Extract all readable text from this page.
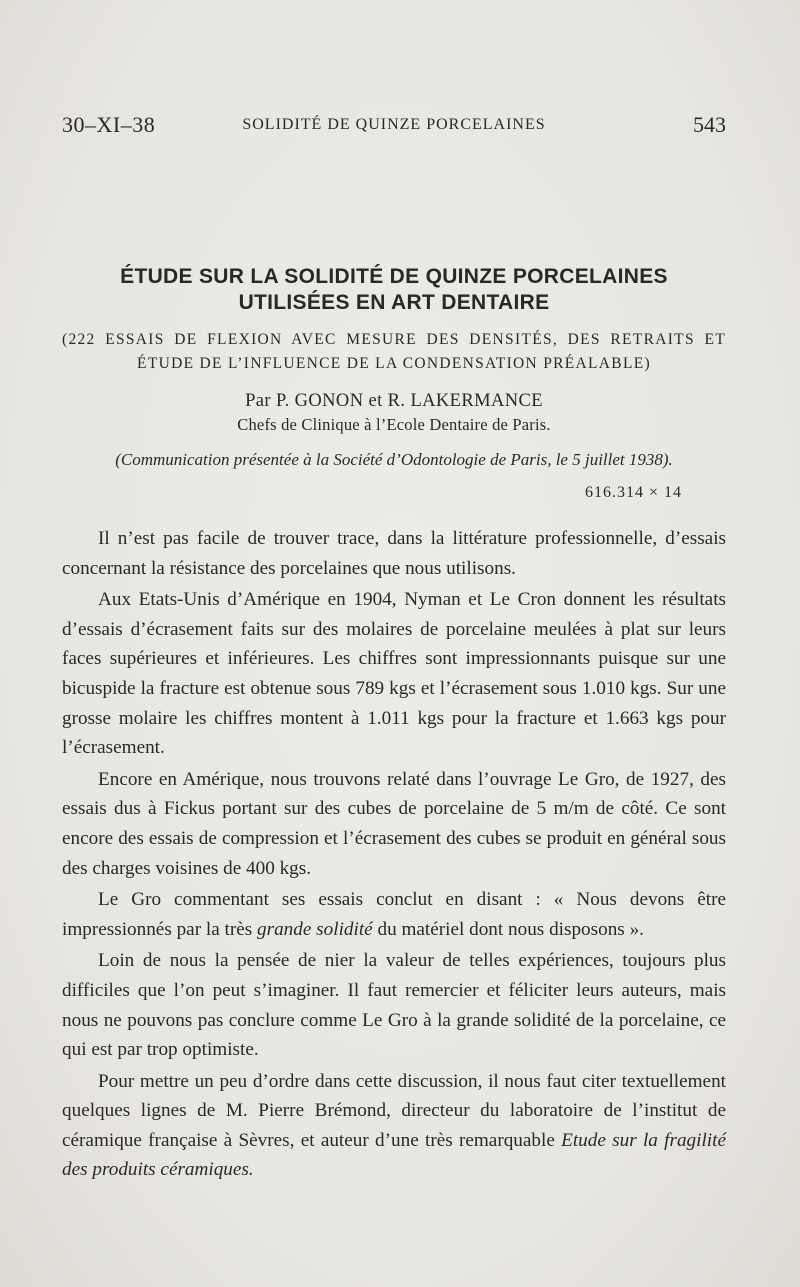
30–XI–38	SOLIDITÉ DE QUINZE PORCELAINES	543
ÉTUDE SUR LA SOLIDITÉ DE QUINZE PORCELAINES
UTILISÉES EN ART DENTAIRE
(222 ESSAIS DE FLEXION AVEC MESURE DES DENSITÉS, DES RETRAITS ET ÉTUDE DE L’INFLUENCE DE LA CONDENSATION PRÉALABLE)
Par P. GONON et R. LAKERMANCE
Chefs de Clinique à l’Ecole Dentaire de Paris.
(Communication présentée à la Société d’Odontologie de Paris, le 5 juillet 1938).
616.314 × 14

Il n’est pas facile de trouver trace, dans la littérature professionnelle, d’essais concernant la résistance des porcelaines que nous utilisons.

Aux Etats-Unis d’Amérique en 1904, Nyman et Le Cron donnent les résultats d’essais d’écrasement faits sur des molaires de porcelaine meulées à plat sur leurs faces supérieures et inférieures. Les chiffres sont impressionnants puisque sur une bicuspide la fracture est obtenue sous 789 kgs et l’écrasement sous 1.010 kgs. Sur une grosse molaire les chiffres montent à 1.011 kgs pour la fracture et 1.663 kgs pour l’écrasement.

Encore en Amérique, nous trouvons relaté dans l’ouvrage Le Gro, de 1927, des essais dus à Fickus portant sur des cubes de porcelaine de 5 m/m de côté. Ce sont encore des essais de compression et l’écrasement des cubes se produit en général sous des charges voisines de 400 kgs.

Le Gro commentant ses essais conclut en disant : « Nous devons être impressionnés par la très grande solidité du matériel dont nous disposons ».

Loin de nous la pensée de nier la valeur de telles expériences, toujours plus difficiles que l’on peut s’imaginer. Il faut remercier et féliciter leurs auteurs, mais nous ne pouvons pas conclure comme Le Gro à la grande solidité de la porcelaine, ce qui est par trop optimiste.

Pour mettre un peu d’ordre dans cette discussion, il nous faut citer textuellement quelques lignes de M. Pierre Brémond, directeur du laboratoire de l’institut de céramique française à Sèvres, et auteur d’une très remarquable Etude sur la fragilité des produits céramiques.
